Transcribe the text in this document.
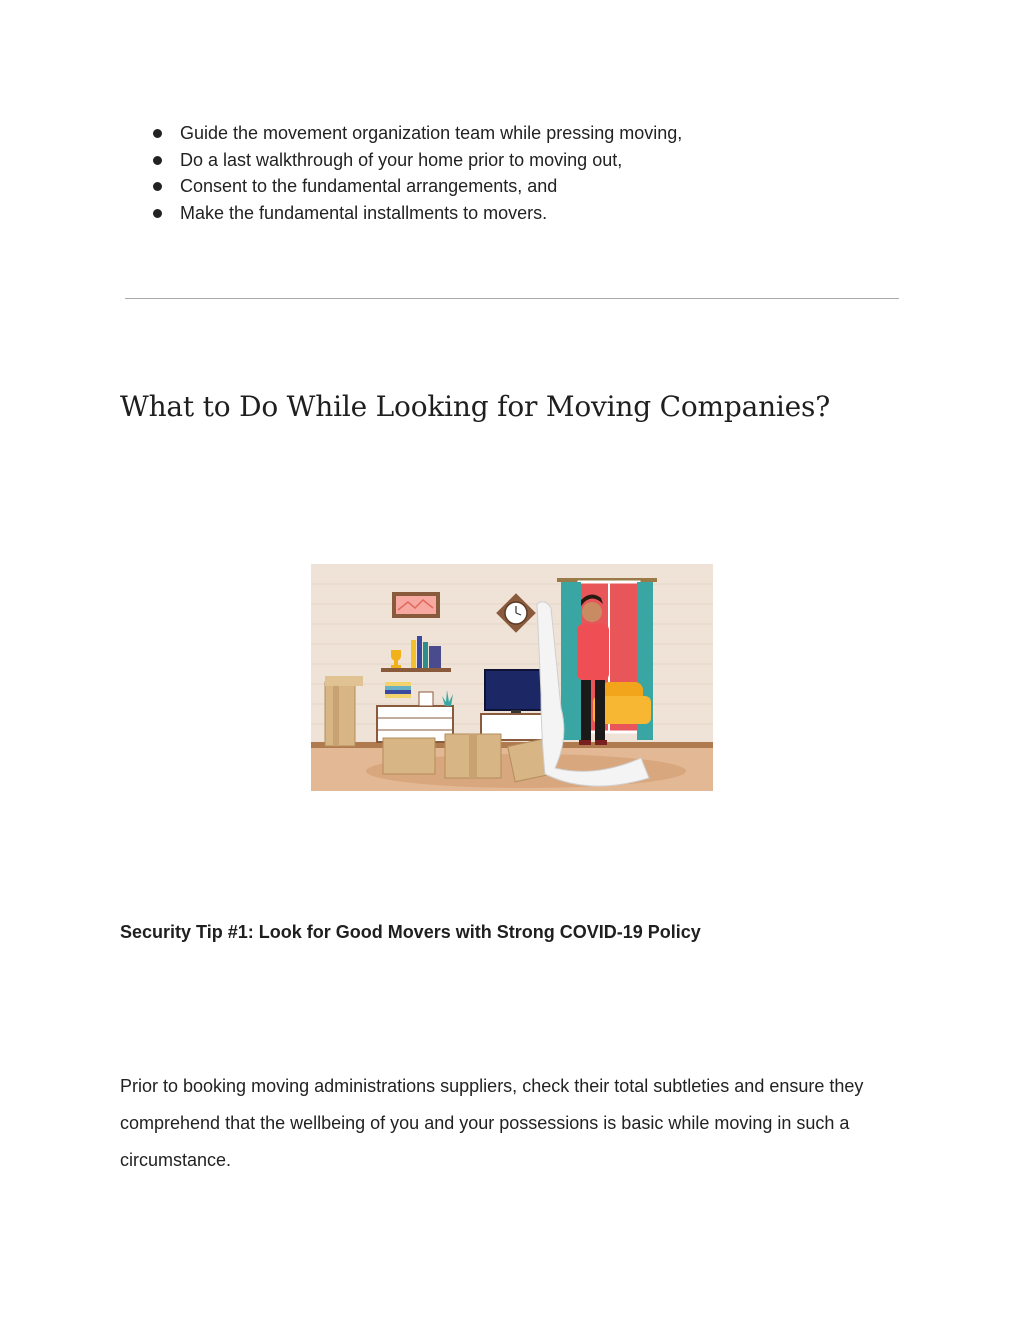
Guide the movement organization team while pressing moving,
Do a last walkthrough of your home prior to moving out,
Consent to the fundamental arrangements, and
Make the fundamental installments to movers.
What to Do While Looking for Moving Companies?
Security Tip #1: Look for Good Movers with Strong COVID-19 Policy

Prior to booking moving administrations suppliers, check their total subtleties and ensure they comprehend that the wellbeing of you and your possessions is basic while moving in such a circumstance.
